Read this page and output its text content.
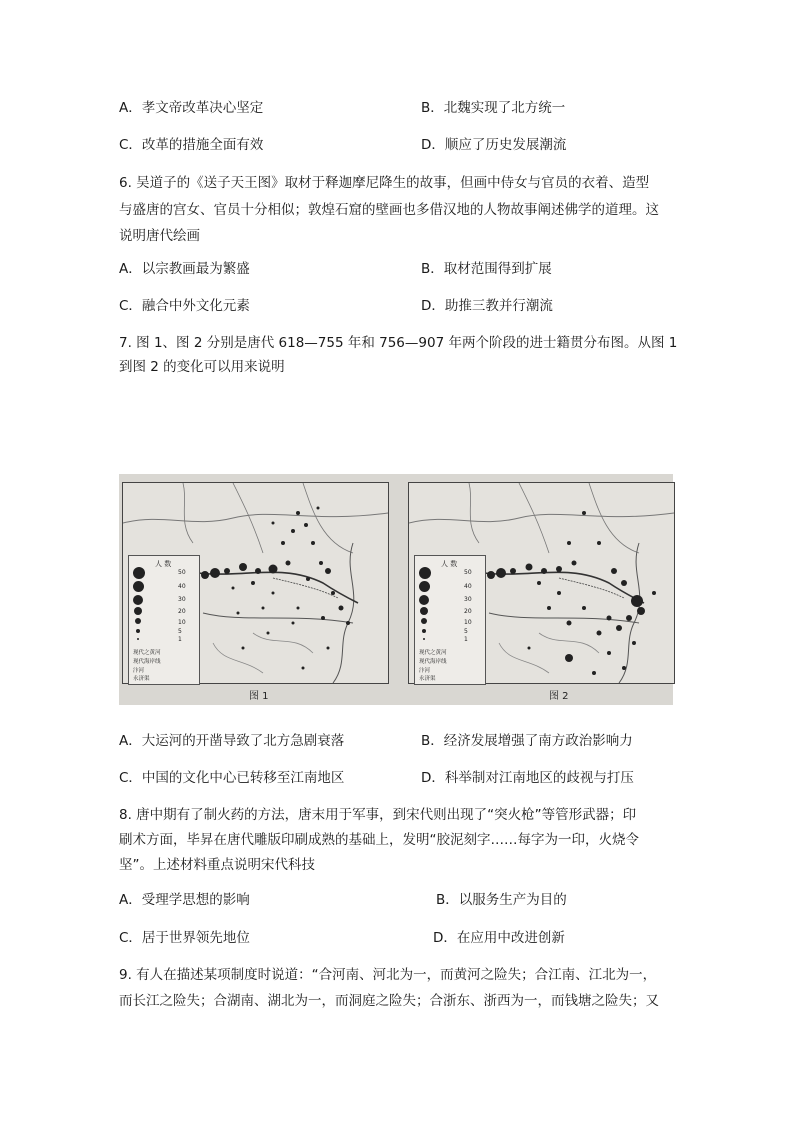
A．孝文帝改革决心坚定	B．北魏实现了北方统一
C．改革的措施全面有效	D．顺应了历史发展潮流
6. 吴道子的《送子天王图》取材于释迦摩尼降生的故事，但画中侍女与官员的衣着、造型
与盛唐的宫女、官员十分相似；敦煌石窟的壁画也多借汉地的人物故事阐述佛学的道理。这
说明唐代绘画
A．以宗教画最为繁盛	B．取材范围得到扩展
C．融合中外文化元素	D．助推三教并行潮流
7. 图 1、图 2 分别是唐代 618—755 年和 756—907 年两个阶段的进士籍贯分布图。从图 1
到图 2 的变化可以用来说明
人 数
50
40
30
20
10
5
1
现代之黄河
现代海岸线
汴河
永济渠
图 1
人 数
50
40
30
20
10
5
1
现代之黄河
现代海岸线
汴河
永济渠
图 2
A．大运河的开凿导致了北方急剧衰落	B．经济发展增强了南方政治影响力
C．中国的文化中心已转移至江南地区	D．科举制对江南地区的歧视与打压
8. 唐中期有了制火药的方法，唐末用于军事，到宋代则出现了“突火枪”等管形武器；印
刷术方面，毕昇在唐代雕版印刷成熟的基础上，发明“胶泥刻字……每字为一印，火烧令
坚”。上述材料重点说明宋代科技
A．受理学思想的影响	B．以服务生产为目的
C．居于世界领先地位	D．在应用中改进创新
9. 有人在描述某项制度时说道：“合河南、河北为一，而黄河之险失；合江南、江北为一，
而长江之险失；合湖南、湖北为一，而洞庭之险失；合浙东、浙西为一，而钱塘之险失；又
